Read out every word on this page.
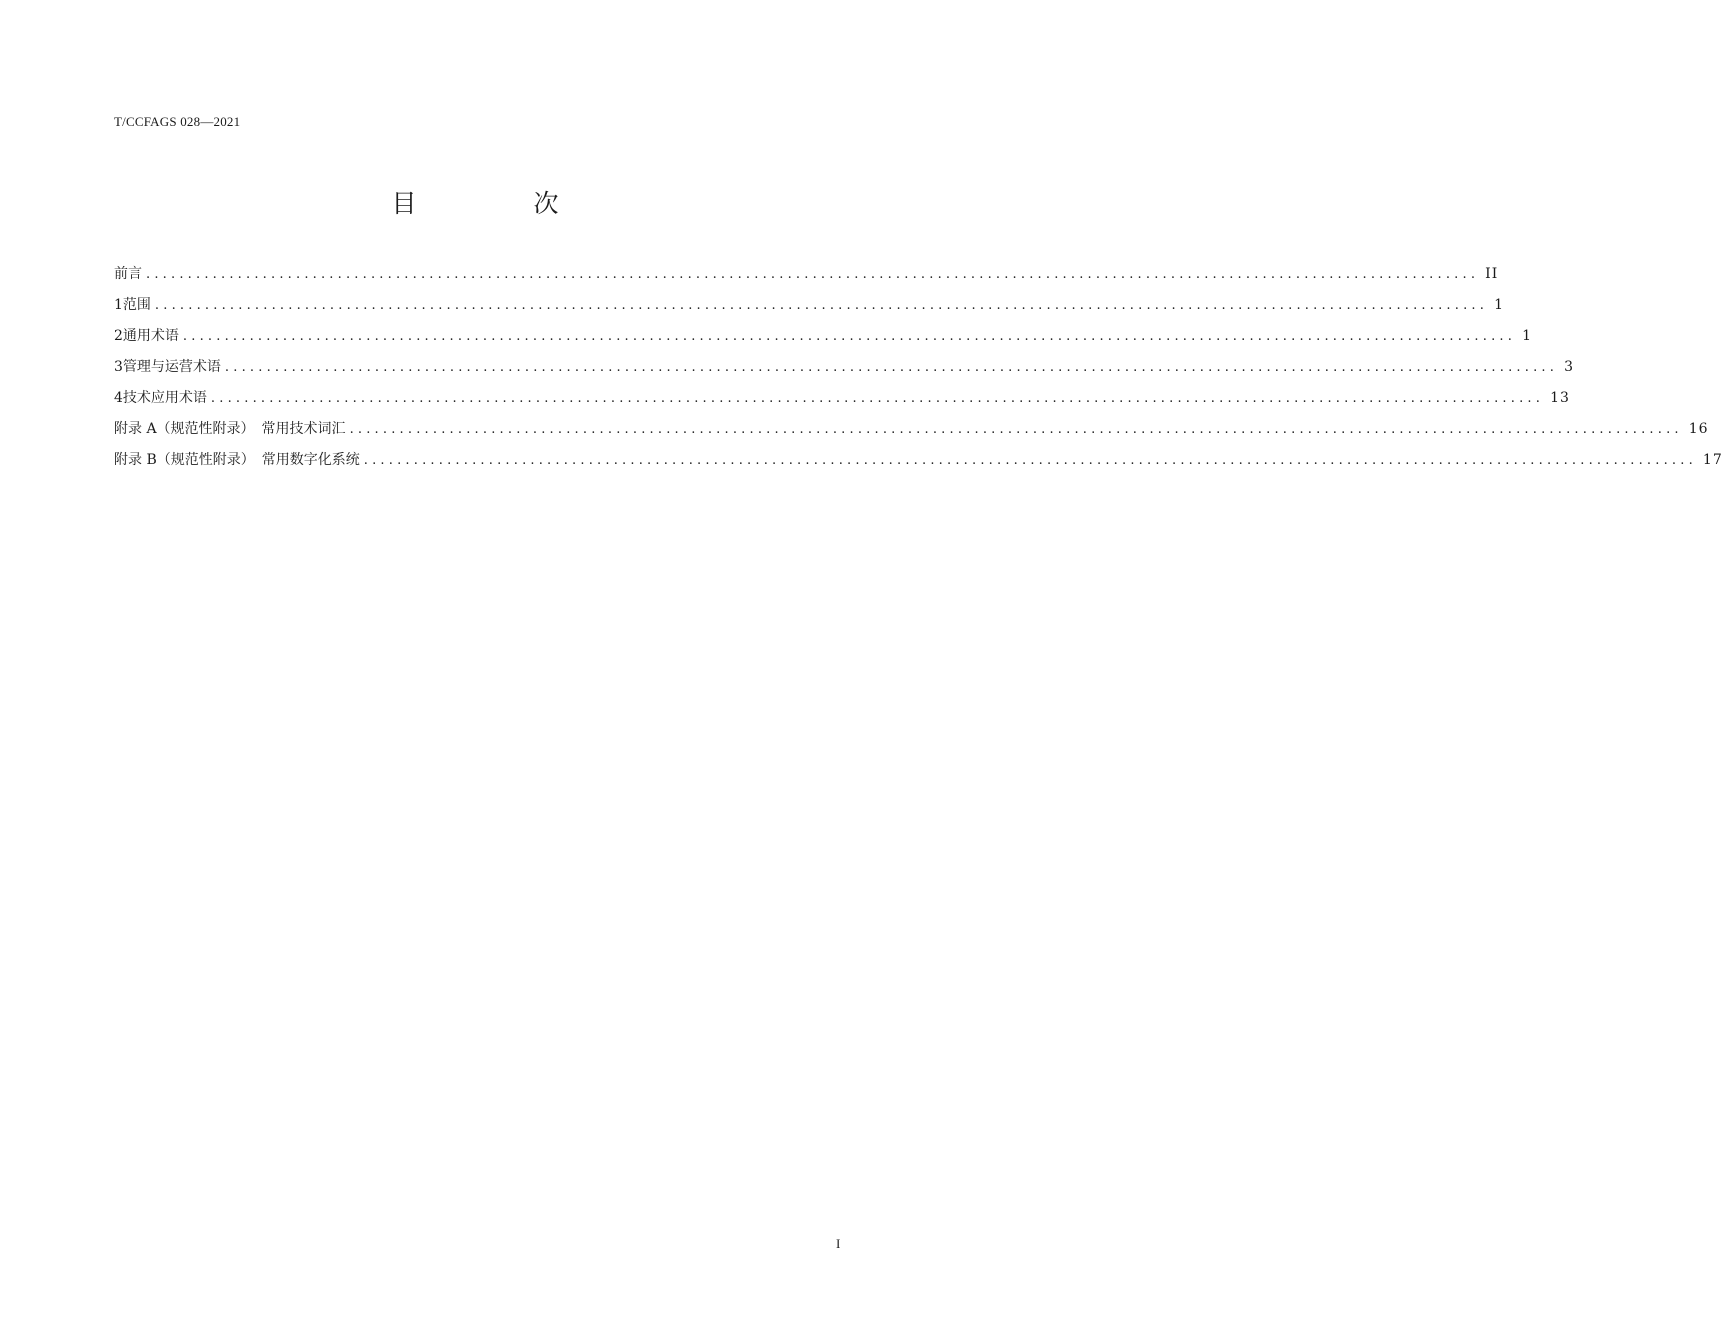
T/CCFAGS 028—2021
目　次
前言 ................................................................................................................................................................ II
1 范围 ................................................................................................................................................................ 1
2 通用术语 ................................................................................................................................................................ 1
3 管理与运营术语 ................................................................................................................................................................ 3
4 技术应用术语 ................................................................................................................................................................ 13
附录 A（规范性附录）　常用技术词汇 ................................................................................................................................................................ 16
附录 B（规范性附录）　常用数字化系统 ................................................................................................................................................................ 17
I
